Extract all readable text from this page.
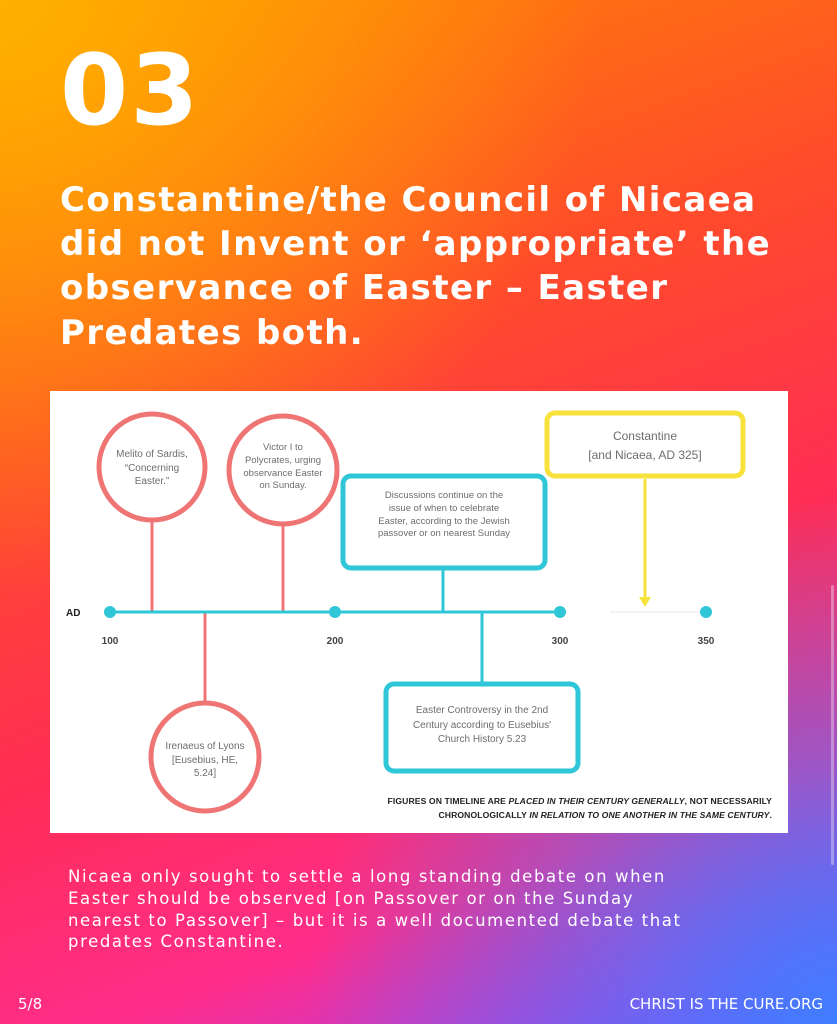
03
Constantine/the Council of Nicaea
did not Invent or ‘appropriate’ the
observance of Easter – Easter
Predates both.
AD
100	200	300	350
Melito of Sardis,
“Concerning
Easter.”
Victor I to
Polycrates, urging
observance Easter
on Sunday.
Irenaeus of Lyons
[Eusebius, HE,
5.24]
Discussions continue on the
issue of when to celebrate
Easter, according to the Jewish
passover or on nearest Sunday
Easter Controversy in the 2nd
Century according to Eusebius'
Church History 5.23
Constantine
[and Nicaea, AD 325]
FIGURES ON TIMELINE ARE PLACED IN THEIR CENTURY GENERALLY, NOT NECESSARILY
CHRONOLOGICALLY IN RELATION TO ONE ANOTHER IN THE SAME CENTURY.
Nicaea only sought to settle a long standing debate on when
Easter should be observed [on Passover or on the Sunday
nearest to Passover] – but it is a well documented debate that
predates Constantine.
5/8	CHRIST IS THE CURE.ORG
